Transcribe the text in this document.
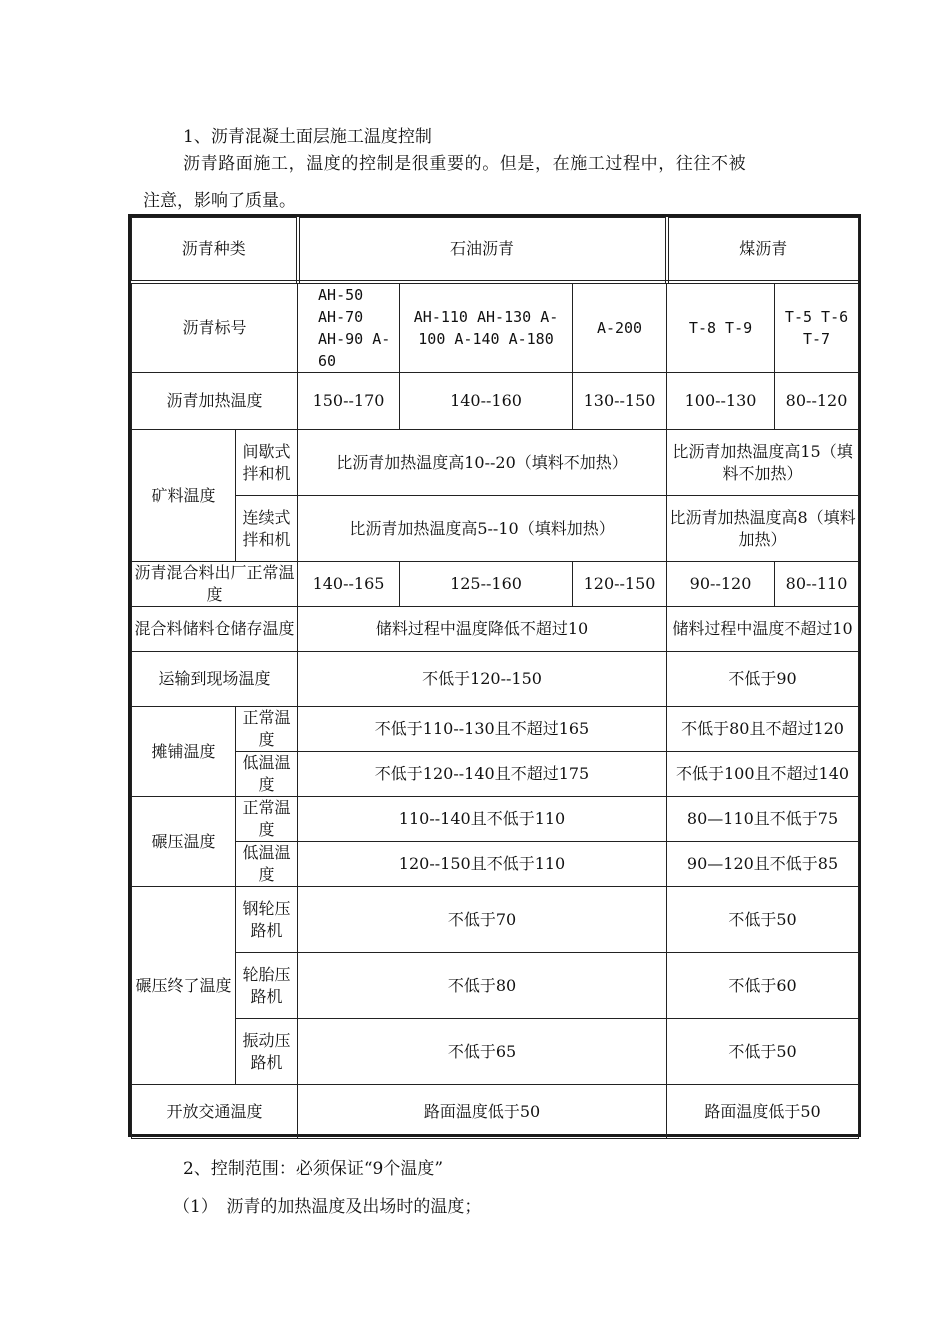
1、沥青混凝土面层施工温度控制

沥青路面施工，温度的控制是很重要的。但是，在施工过程中，往往不被

注意，影响了质量。

沥青种类		石油沥青			煤沥青	
沥青标号		AH-50 AH-70 AH-90 A-60	AH-110 AH-130 A-100 A-140 A-180	A-200	T-8 T-9	T-5 T-6 T-7
沥青加热温度		150--170	140--160	130--150	100--130	80--120
矿料温度	间歇式拌和机	比沥青加热温度高10--20（填料不加热）			比沥青加热温度高15（填料不加热）	
	连续式拌和机	比沥青加热温度高5--10（填料加热）			比沥青加热温度高8（填料加热）	
沥青混合料出厂正常温度		140--165	125--160	120--150	90--120	80--110
混合料储料仓储存温度		储料过程中温度降低不超过10			储料过程中温度不超过10	
运输到现场温度		不低于120--150			不低于90	
摊铺温度	正常温度	不低于110--130且不超过165			不低于80且不超过120	
	低温温度	不低于120--140且不超过175			不低于100且不超过140	
碾压温度	正常温度	110--140且不低于110			80—110且不低于75	
	低温温度	120--150且不低于110			90—120且不低于85	
碾压终了温度	钢轮压路机	不低于70			不低于50	
	轮胎压路机	不低于80			不低于60	
	振动压路机	不低于65			不低于50	
开放交通温度		路面温度低于50			路面温度低于50	

2、控制范围：必须保证“9个温度”

（1）　沥青的加热温度及出场时的温度；
